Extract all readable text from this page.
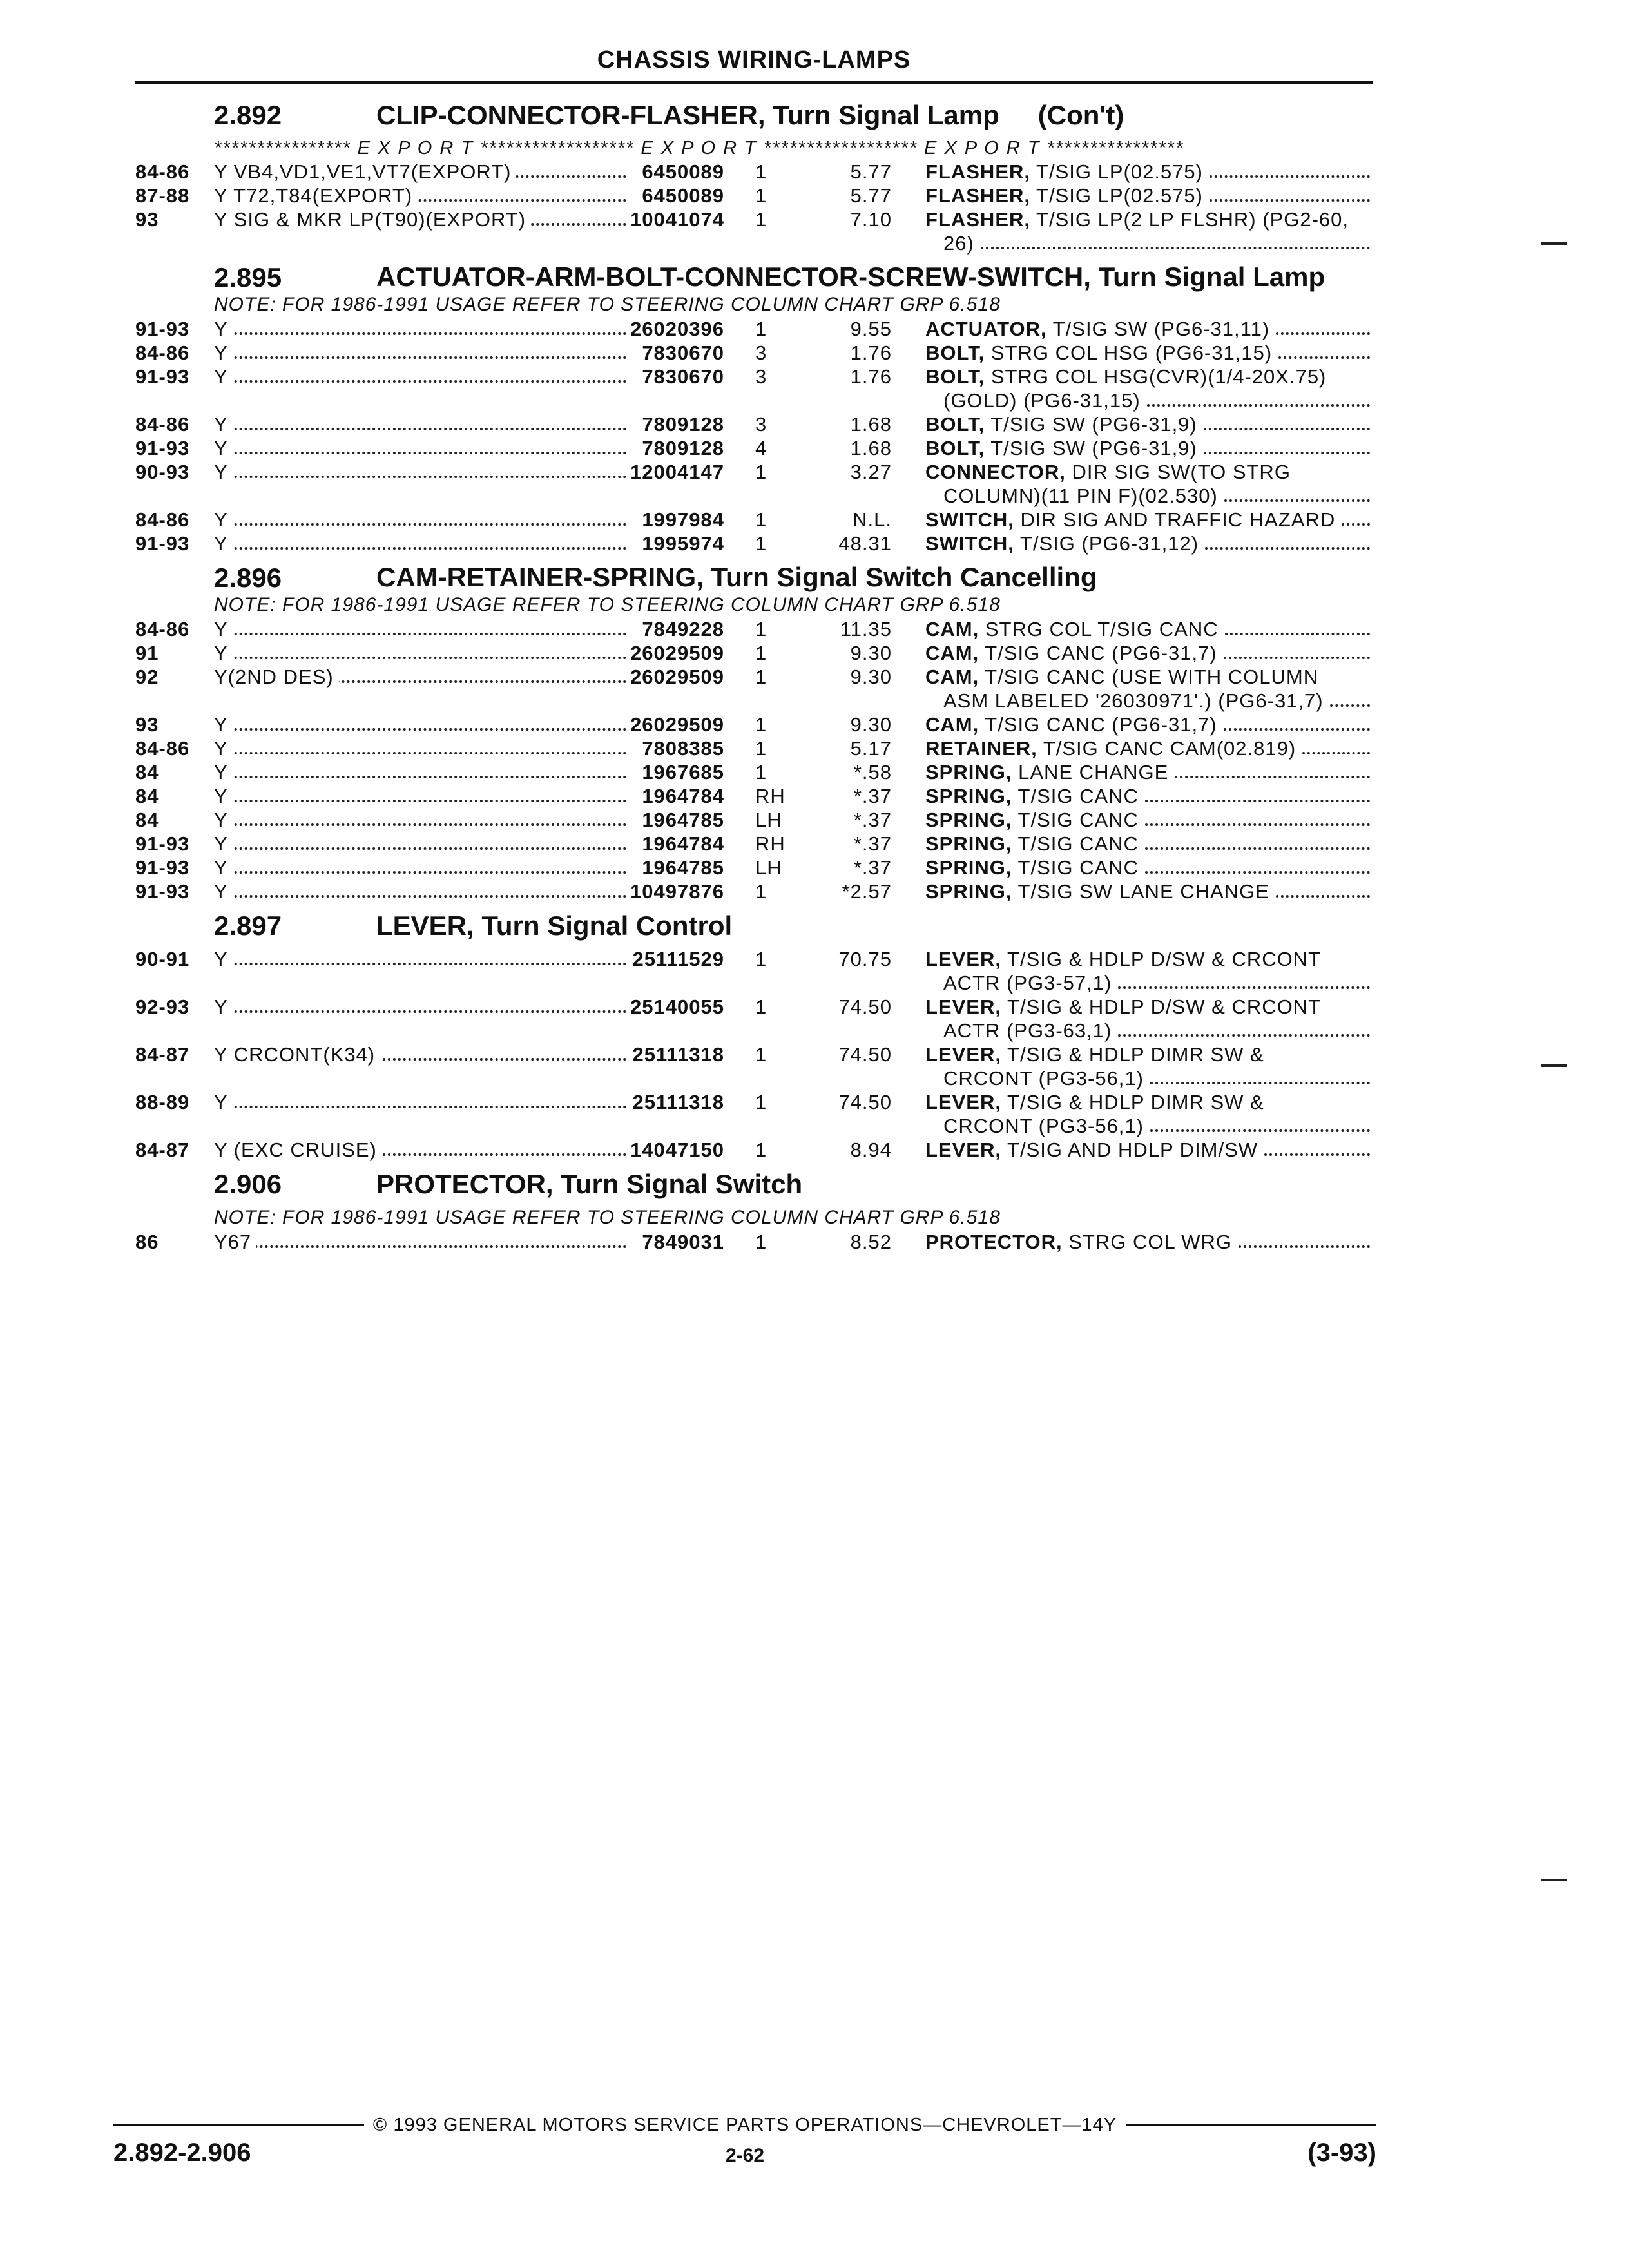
CHASSIS WIRING-LAMPS
2.892	CLIP-CONNECTOR-FLASHER, Turn Signal Lamp (Con't)
**************** E X P O R T ****************** E X P O R T ****************** E X P O R T ****************
84-86	Y VB4,VD1,VE1,VT7(EXPORT)	6450089	1	5.77 FLASHER, T/SIG LP(02.575)
87-88	Y T72,T84(EXPORT)	6450089	1	5.77 FLASHER, T/SIG LP(02.575)
93	Y SIG & MKR LP(T90)(EXPORT)	10041074	1	7.10 FLASHER, T/SIG LP(2 LP FLSHR) (PG2-60,
26)
2.895	ACTUATOR-ARM-BOLT-CONNECTOR-SCREW-SWITCH, Turn Signal Lamp
NOTE: FOR 1986-1991 USAGE REFER TO STEERING COLUMN CHART GRP 6.518
91-93	Y	26020396	1	9.55 ACTUATOR, T/SIG SW (PG6-31,11)
84-86	Y	7830670	3	1.76 BOLT, STRG COL HSG (PG6-31,15)
91-93	Y	7830670	3	1.76 BOLT, STRG COL HSG(CVR)(1/4-20X.75)
(GOLD) (PG6-31,15)
84-86	Y	7809128	3	1.68 BOLT, T/SIG SW (PG6-31,9)
91-93	Y	7809128	4	1.68 BOLT, T/SIG SW (PG6-31,9)
90-93	Y	12004147	1	3.27 CONNECTOR, DIR SIG SW(TO STRG
COLUMN)(11 PIN F)(02.530)
84-86	Y	1997984	1	N.L. SWITCH, DIR SIG AND TRAFFIC HAZARD
91-93	Y	1995974	1	48.31 SWITCH, T/SIG (PG6-31,12)
2.896	CAM-RETAINER-SPRING, Turn Signal Switch Cancelling
NOTE: FOR 1986-1991 USAGE REFER TO STEERING COLUMN CHART GRP 6.518
84-86	Y	7849228	1	11.35 CAM, STRG COL T/SIG CANC
91	Y	26029509	1	9.30 CAM, T/SIG CANC (PG6-31,7)
92	Y(2ND DES)	26029509	1	9.30 CAM, T/SIG CANC (USE WITH COLUMN
ASM LABELED '26030971'.) (PG6-31,7)
93	Y	26029509	1	9.30 CAM, T/SIG CANC (PG6-31,7)
84-86	Y	7808385	1	5.17 RETAINER, T/SIG CANC CAM(02.819)
84	Y	1967685	1	*.58 SPRING, LANE CHANGE
84	Y	1964784	RH	*.37 SPRING, T/SIG CANC
84	Y	1964785	LH	*.37 SPRING, T/SIG CANC
91-93	Y	1964784	RH	*.37 SPRING, T/SIG CANC
91-93	Y	1964785	LH	*.37 SPRING, T/SIG CANC
91-93	Y	10497876	1	*2.57 SPRING, T/SIG SW LANE CHANGE
2.897	LEVER, Turn Signal Control
90-91	Y	25111529	1	70.75 LEVER, T/SIG & HDLP D/SW & CRCONT
ACTR (PG3-57,1)
92-93	Y	25140055	1	74.50 LEVER, T/SIG & HDLP D/SW & CRCONT
ACTR (PG3-63,1)
84-87	Y CRCONT(K34)	25111318	1	74.50 LEVER, T/SIG & HDLP DIMR SW &
CRCONT (PG3-56,1)
88-89	Y	25111318	1	74.50 LEVER, T/SIG & HDLP DIMR SW &
CRCONT (PG3-56,1)
84-87	Y (EXC CRUISE)	14047150	1	8.94 LEVER, T/SIG AND HDLP DIM/SW
2.906	PROTECTOR, Turn Signal Switch
NOTE: FOR 1986-1991 USAGE REFER TO STEERING COLUMN CHART GRP 6.518
86	Y67	7849031	1	8.52 PROTECTOR, STRG COL WRG
© 1993 GENERAL MOTORS SERVICE PARTS OPERATIONS—CHEVROLET—14Y
2.892-2.906	2-62	(3-93)
